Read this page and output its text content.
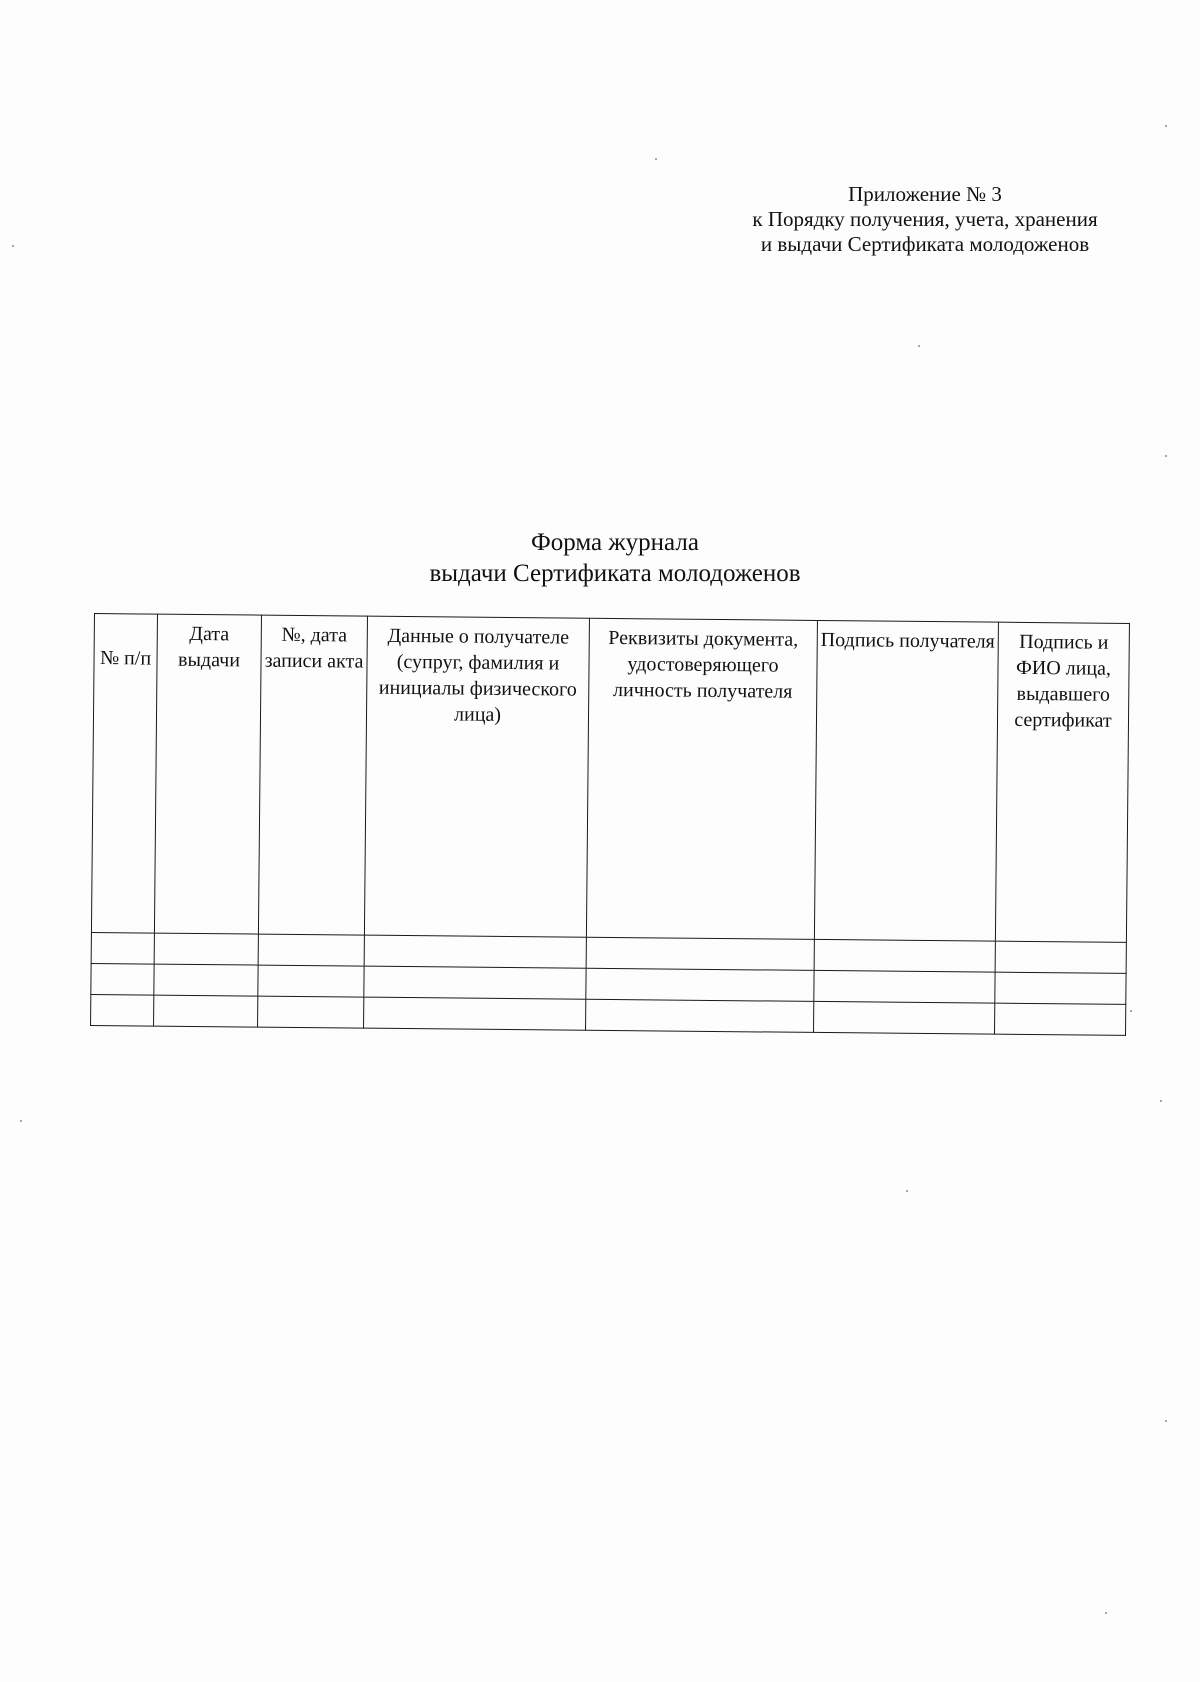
Приложение № 3
к Порядку получения, учета, хранения
и выдачи Сертификата молодоженов
Форма журнала
выдачи Сертификата молодоженов
№ п/п	Дата выдачи	№, дата записи акта	Данные о получателе (супруг, фамилия и инициалы физического лица)	Реквизиты документа, удостоверяющего личность получателя	Подпись получателя	Подпись и ФИО лица, выдавшего сертификат
